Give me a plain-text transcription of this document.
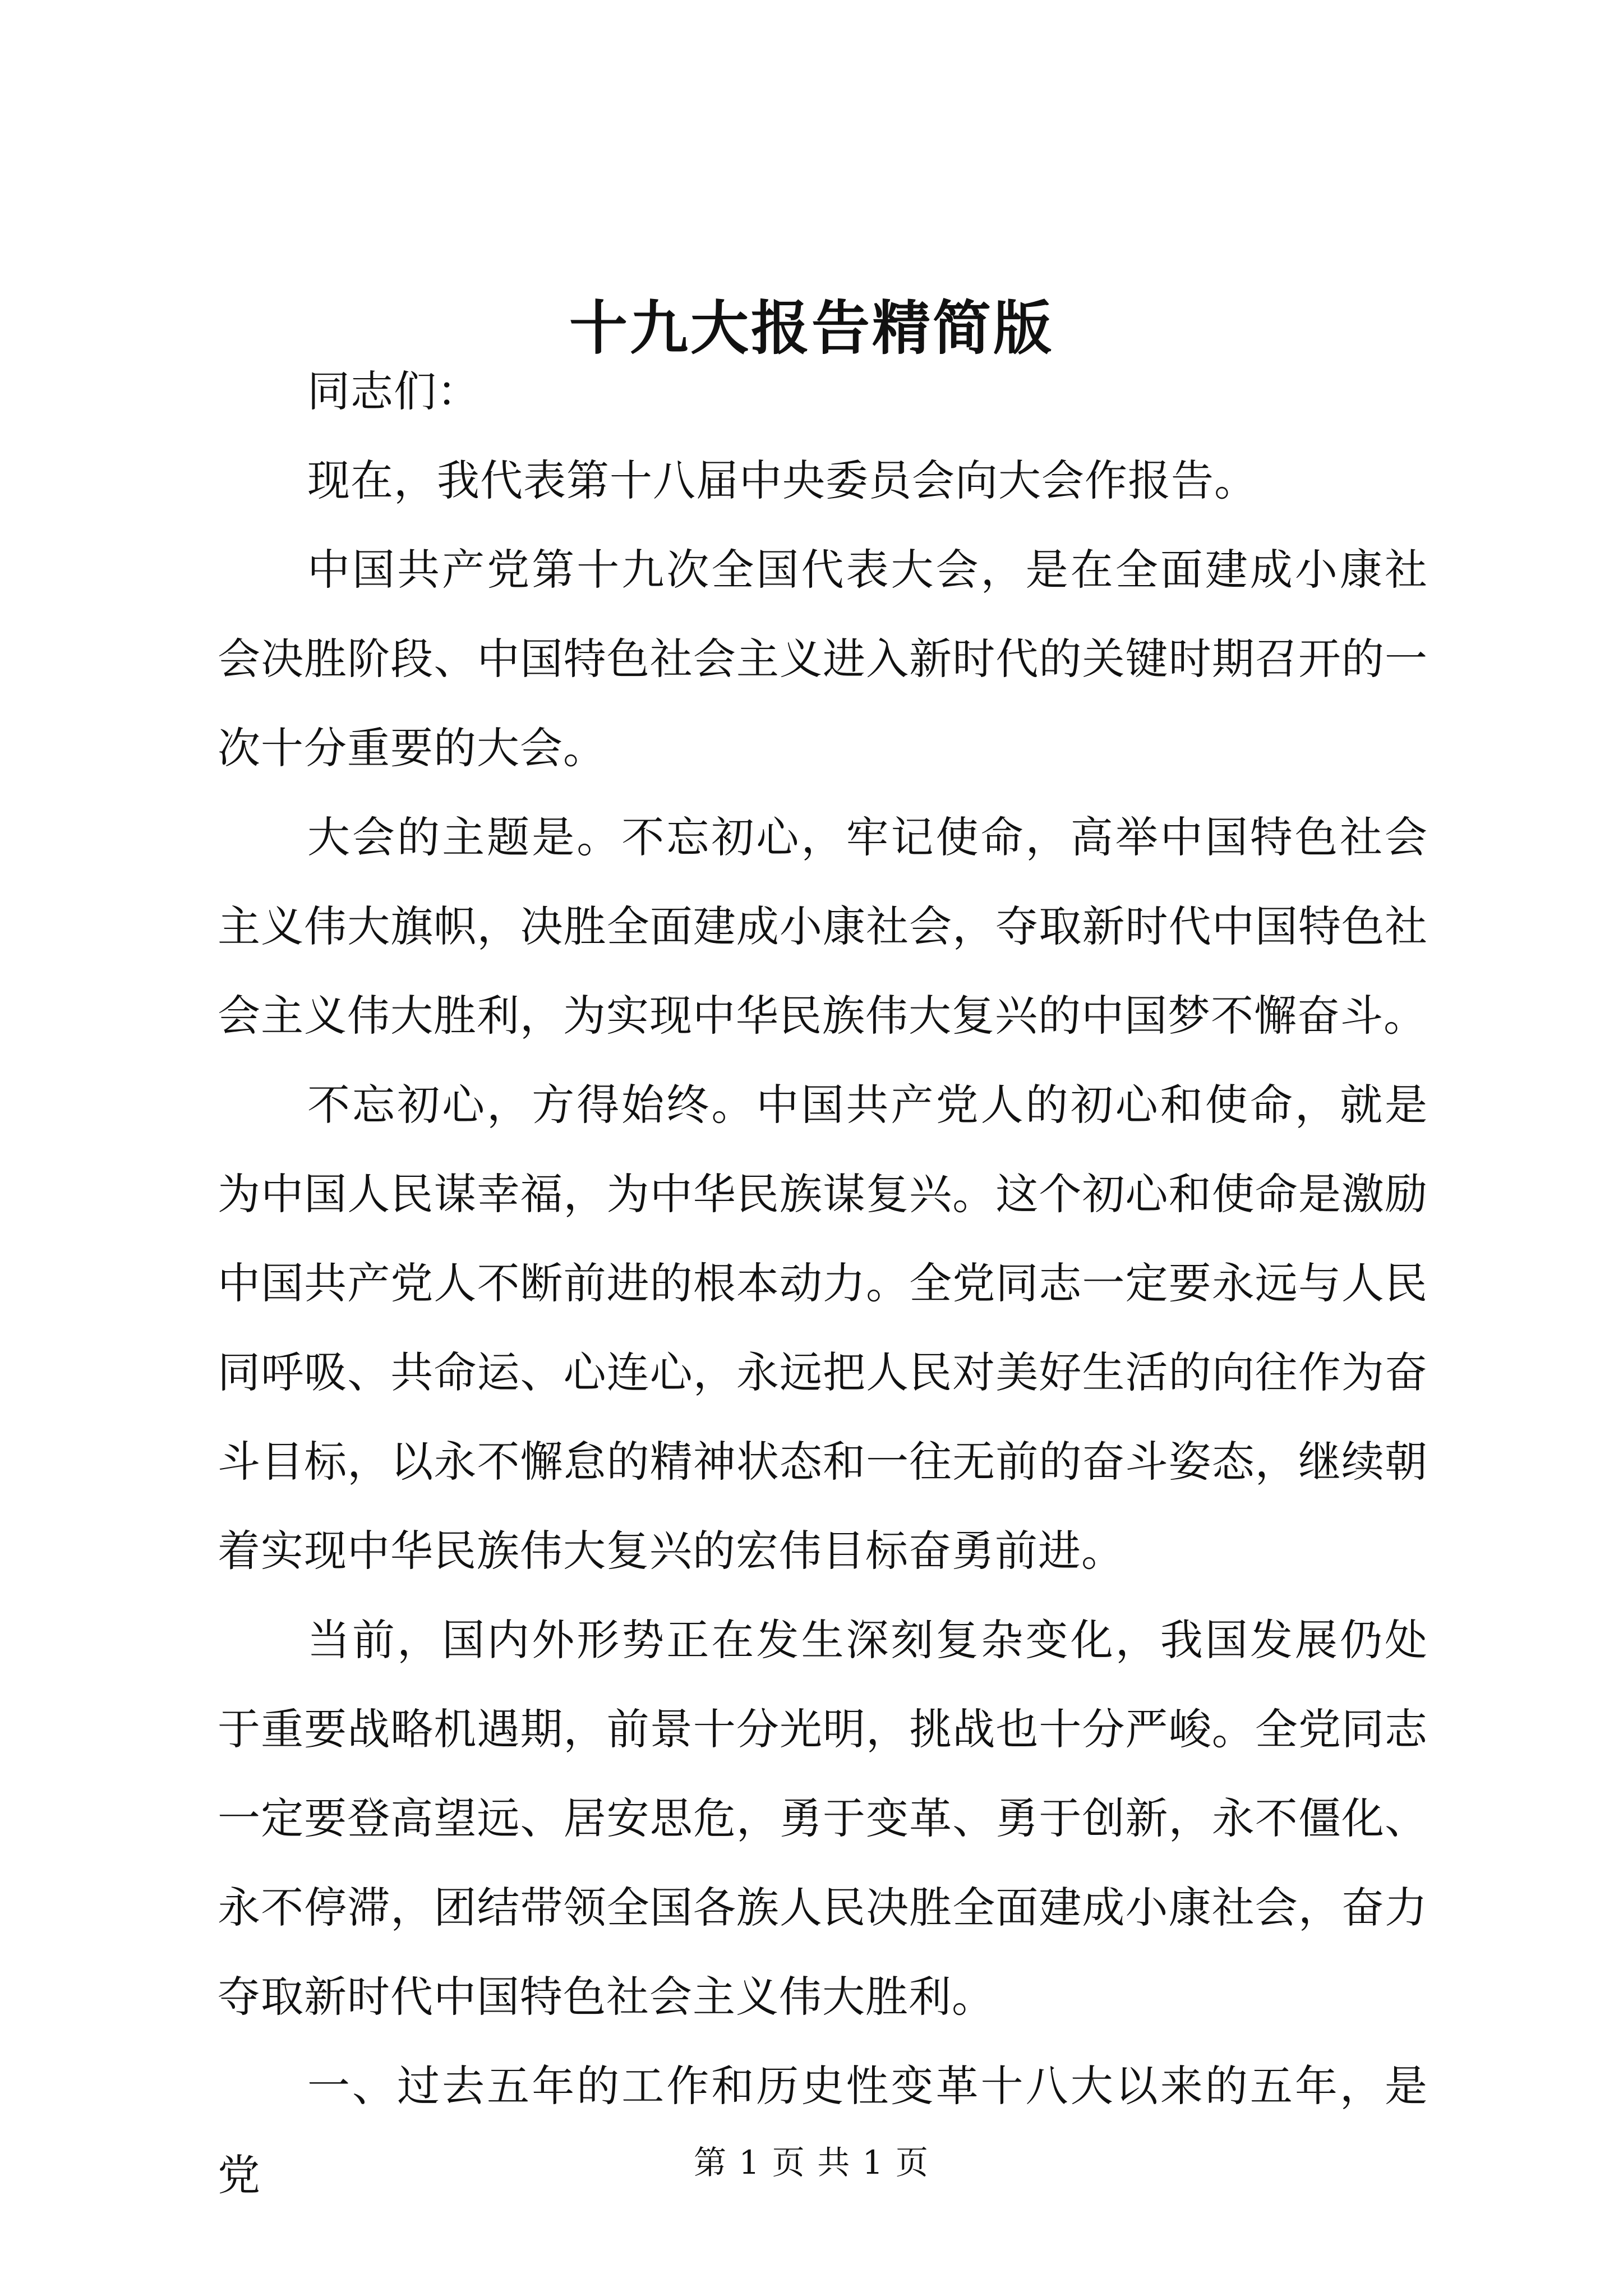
十九大报告精简版

同志们：

现在，我代表第十八届中央委员会向大会作报告。

中国共产党第十九次全国代表大会，是在全面建成小康社会决胜阶段、中国特色社会主义进入新时代的关键时期召开的一次十分重要的大会。

大会的主题是。不忘初心，牢记使命，高举中国特色社会主义伟大旗帜，决胜全面建成小康社会，夺取新时代中国特色社会主义伟大胜利，为实现中华民族伟大复兴的中国梦不懈奋斗。

不忘初心，方得始终。中国共产党人的初心和使命，就是为中国人民谋幸福，为中华民族谋复兴。这个初心和使命是激励中国共产党人不断前进的根本动力。全党同志一定要永远与人民同呼吸、共命运、心连心，永远把人民对美好生活的向往作为奋斗目标，以永不懈怠的精神状态和一往无前的奋斗姿态，继续朝着实现中华民族伟大复兴的宏伟目标奋勇前进。

当前，国内外形势正在发生深刻复杂变化，我国发展仍处于重要战略机遇期，前景十分光明，挑战也十分严峻。全党同志一定要登高望远、居安思危，勇于变革、勇于创新，永不僵化、永不停滞，团结带领全国各族人民决胜全面建成小康社会，奋力夺取新时代中国特色社会主义伟大胜利。

一、过去五年的工作和历史性变革十八大以来的五年，是党	第 1 页 共 1 页
